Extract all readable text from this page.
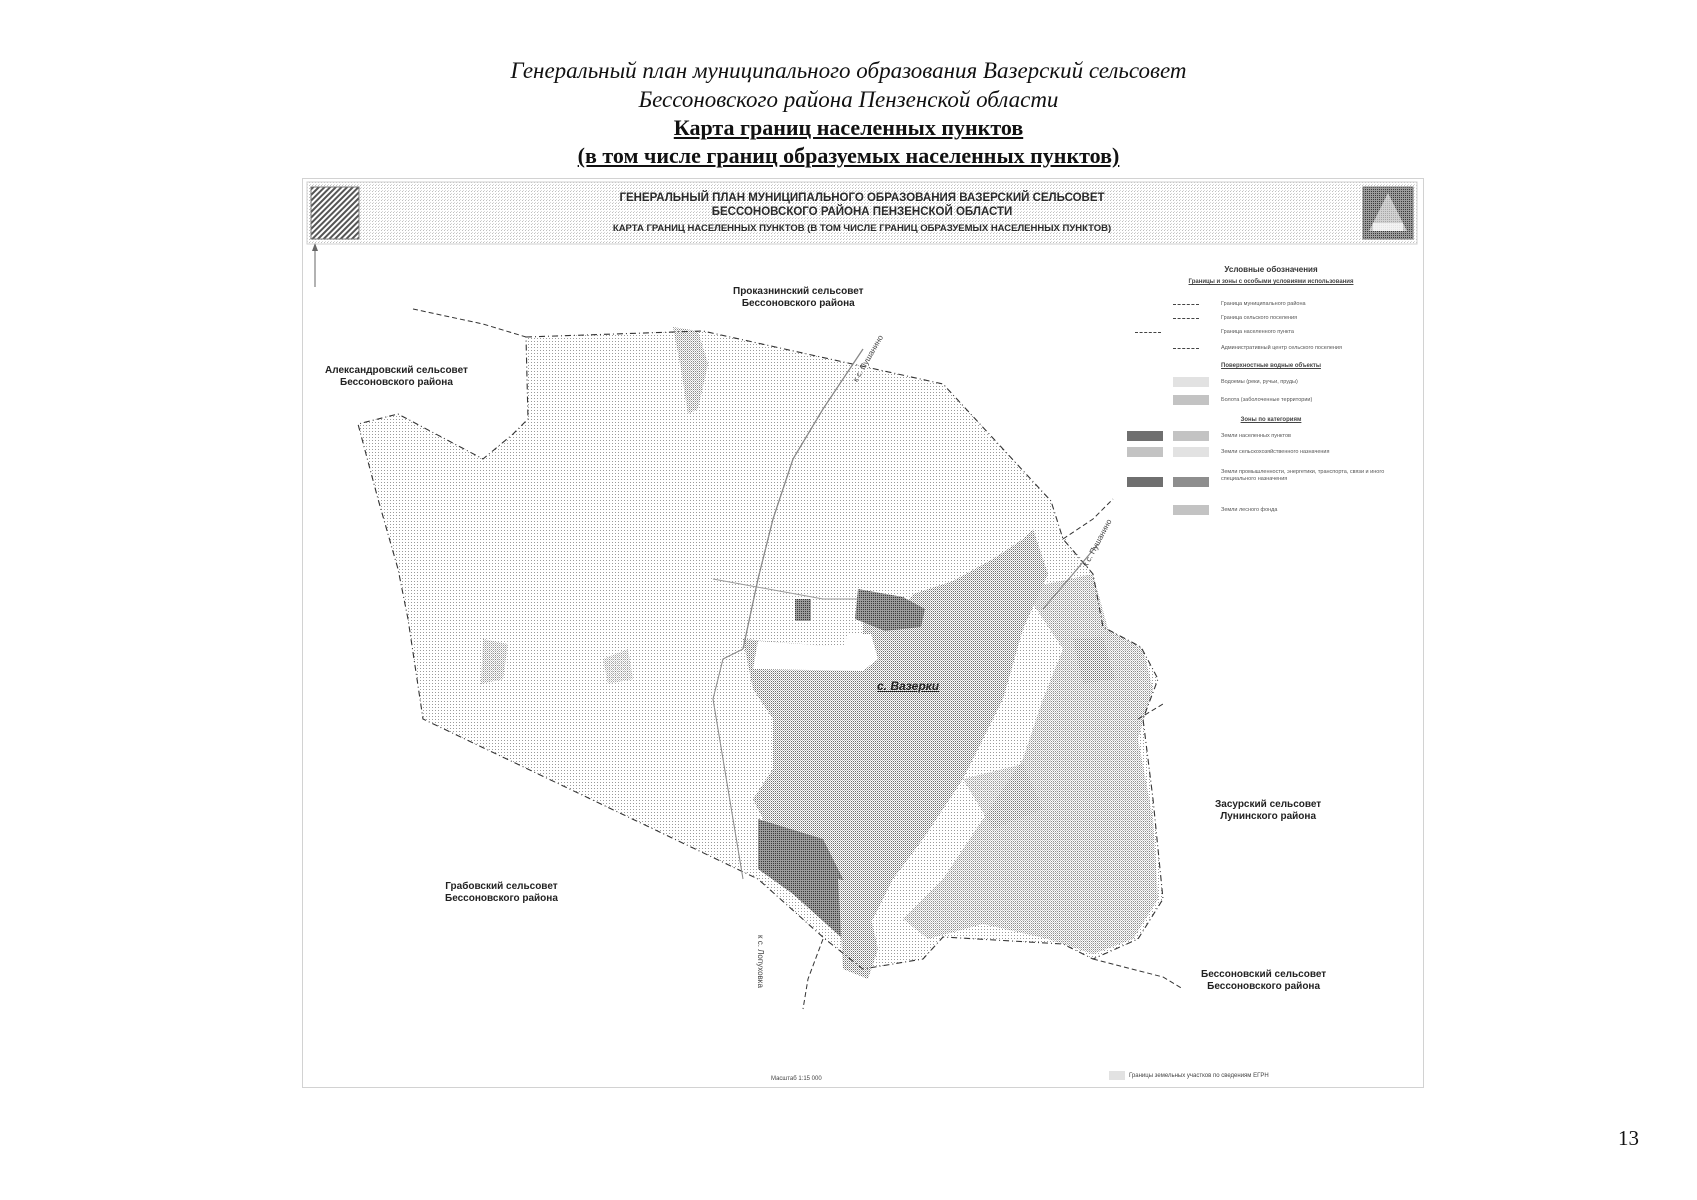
Генеральный план муниципального образования Вазерский сельсовет
Бессоновского района Пензенской области
Карта границ населенных пунктов
(в том числе границ образуемых населенных пунктов)
ГЕНЕРАЛЬНЫЙ ПЛАН МУНИЦИПАЛЬНОГО ОБРАЗОВАНИЯ ВАЗЕРСКИЙ СЕЛЬСОВЕТ
БЕССОНОВСКОГО РАЙОНА ПЕНЗЕНСКОЙ ОБЛАСТИ
КАРТА ГРАНИЦ НАСЕЛЕННЫХ ПУНКТОВ (В ТОМ ЧИСЛЕ ГРАНИЦ ОБРАЗУЕМЫХ НАСЕЛЕННЫХ ПУНКТОВ)
Проказнинский сельсовет
Бессоновского района
Александровский сельсовет
Бессоновского района
Грабовский сельсовет
Бессоновского района
Засурский сельсовет
Лунинского района
Бессоновский сельсовет
Бессоновского района
с. Вазерки
к с. Пушанино
к с. Пушанино
к с. Лопуховка
Условные обозначения
Границы и зоны с особыми условиями использования
Граница муниципального района
Граница сельского поселения
Граница населенного пункта
Административный центр сельского поселения
Поверхностные водные объекты
Водоемы (реки, ручьи, пруды)
Болота (заболоченные территории)
Зоны по категориям
Земли населенных пунктов
Земли сельскохозяйственного назначения
Земли промышленности, энергетики, транспорта, связи и иного специального назначения
Земли лесного фонда
Масштаб 1:15 000	Границы земельных участков по сведениям ЕГРН
13
